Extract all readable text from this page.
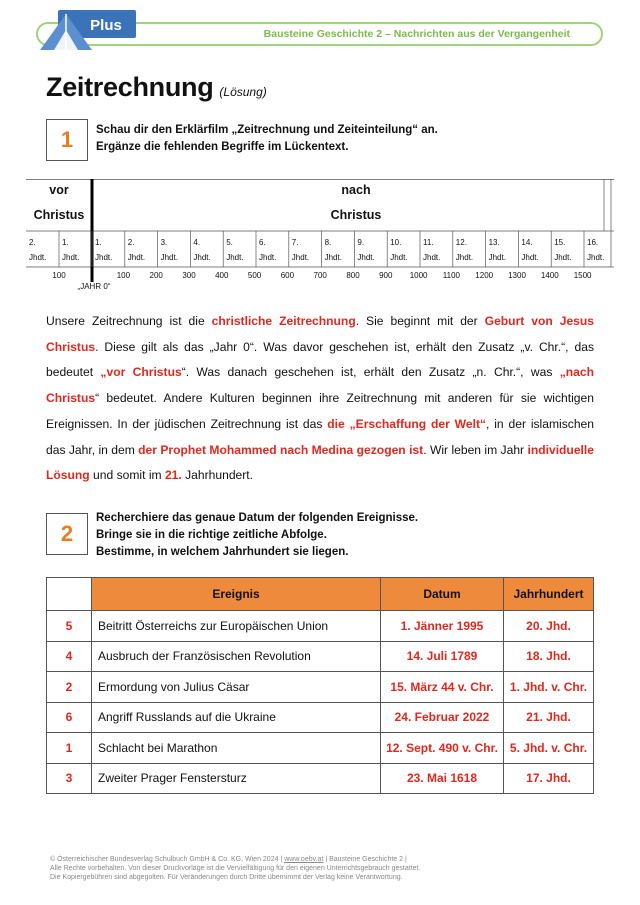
Plus	Bausteine Geschichte 2 – Nachrichten aus der Vergangenheit
Zeitrechnung (Lösung)
1	Schau dir den Erklärfilm „Zeitrechnung und Zeiteinteilung“ an.
Ergänze die fehlenden Begriffe im Lückentext.
vor
Christus
nach
Christus
2.
Jhdt.
1.
Jhdt.
1.
Jhdt.
2.
Jhdt.
3.
Jhdt.
4.
Jhdt.
5.
Jhdt.
6.
Jhdt.
7.
Jhdt.
8.
Jhdt.
9.
Jhdt.
10.
Jhdt.
11.
Jhdt.
12.
Jhdt.
13.
Jhdt.
14.
Jhdt.
15.
Jhdt.
16.
Jhdt.
100	100 200 300 400 500 600 700 800 900 1000 1100 1200 1300 1400 1500
„JAHR 0“
Unsere Zeitrechnung ist die christliche Zeitrechnung. Sie beginnt mit der Geburt von Jesus Christus. Diese gilt als das „Jahr 0“. Was davor geschehen ist, erhält den Zusatz „v. Chr.“, das bedeutet „vor Christus“. Was danach geschehen ist, erhält den Zusatz „n. Chr.“, was „nach Christus“ bedeutet. Andere Kulturen beginnen ihre Zeitrechnung mit anderen für sie wichtigen Ereignissen. In der jüdischen Zeitrechnung ist das die „Erschaffung der Welt“, in der islamischen das Jahr, in dem der Prophet Mohammed nach Medina gezogen ist. Wir leben im Jahr individuelle Lösung und somit im 21. Jahrhundert.
2
Recherchiere das genaue Datum der folgenden Ereignisse.
Bringe sie in die richtige zeitliche Abfolge.
Bestimme, in welchem Jahrhundert sie liegen.
	Ereignis	Datum	Jahrhundert
5	Beitritt Österreichs zur Europäischen Union	1. Jänner 1995	20. Jhd.
4	Ausbruch der Französischen Revolution	14. Juli 1789	18. Jhd.
2	Ermordung von Julius Cäsar	15. März 44 v. Chr.	1. Jhd. v. Chr.
6	Angriff Russlands auf die Ukraine	24. Februar 2022	21. Jhd.
1	Schlacht bei Marathon	12. Sept. 490 v. Chr.	5. Jhd. v. Chr.
3	Zweiter Prager Fenstersturz	23. Mai 1618	17. Jhd.
© Österreichischer Bundesverlag Schulbuch GmbH & Co. KG, Wien 2024 | www.oebv.at | Bausteine Geschichte 2 |
Alle Rechte vorbehalten. Von dieser Druckvorlage ist die Vervielfältigung für den eigenen Unterrichtsgebrauch gestattet.
Die Kopiergebühren sind abgegolten. Für Veränderungen durch Dritte übernimmt der Verlag keine Verantwortung.
